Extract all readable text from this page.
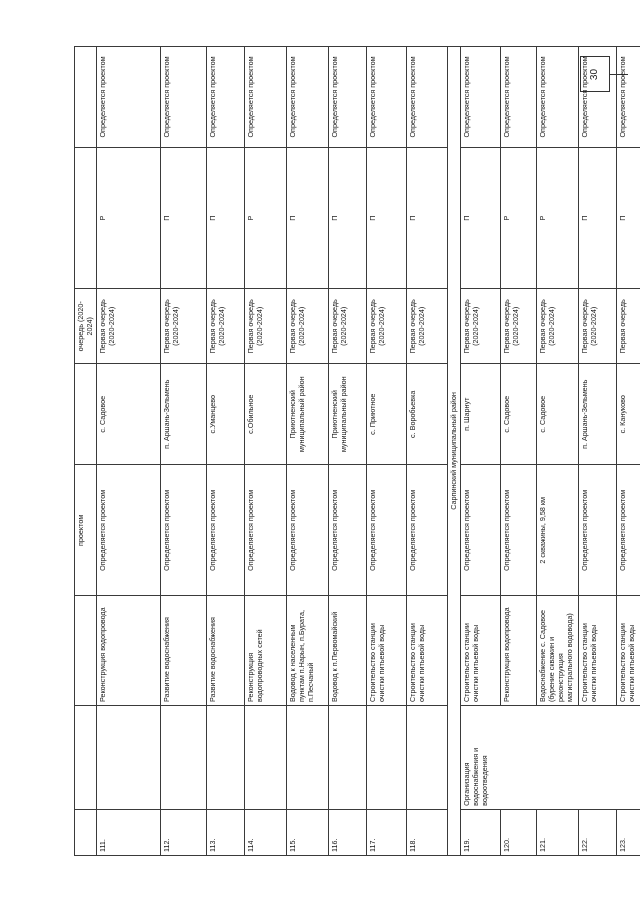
30
			проектом		очередь (2020-2024)		
111.		Реконструкция водопровода	Определяется проектом	с. Садовое	Первая очередь (2020-2024)	Р	Определяется проектом
112.		Развитие водоснабжения	Определяется проектом	п. Аршань-Зельмень	Первая очередь (2020-2024)	П	Определяется проектом
113.		Развитие водоснабжения	Определяется проектом	с.Уманцево	Первая очередь (2020-2024)	П	Определяется проектом
114.		Реконструкция водопроводных сетей	Определяется проектом	с.Обильное	Первая очередь (2020-2024)	Р	Определяется проектом
115.		Водовод к населенным пунктам п.Нарын, п.Бурата, п.Песчаный	Определяется проектом	Приютненский муниципальный район	Первая очередь (2020-2024)	П	Определяется проектом
116.		Водовод к п.Первомайский	Определяется проектом	Приютненский муниципальный район	Первая очередь (2020-2024)	П	Определяется проектом
117.		Строительство станции очистки питьевой воды	Определяется проектом	с. Приютное	Первая очередь (2020-2024)	П	Определяется проектом
118.		Строительство станции очистки питьевой воды	Определяется проектом	с. Воробьевка	Первая очередь (2020-2024)	П	Определяется проектом
Сарпинский муниципальный район							
119.	Организация водоснабжения и водоотведения	Строительство станции очистки питьевой воды	Определяется проектом	п. Шарнут	Первая очередь (2020-2024)	П	Определяется проектом
120.		Реконструкция водопровода	Определяется проектом	с. Садовое	Первая очередь (2020-2024)	Р	Определяется проектом
121.		Водоснабжение с. Садовое (бурение скважин и реконструкция магистрального водовода)	2 скважины, 9,58 км	с. Садовое	Первая очередь (2020-2024)	Р	Определяется проектом
122.		Строительство станции очистки питьевой воды	Определяется проектом	п. Аршань-Зельмень	Первая очередь (2020-2024)	П	Определяется проектом
123.		Строительство станции очистки питьевой воды	Определяется проектом	с. Кануково	Первая очередь	П	Определяется проектом
